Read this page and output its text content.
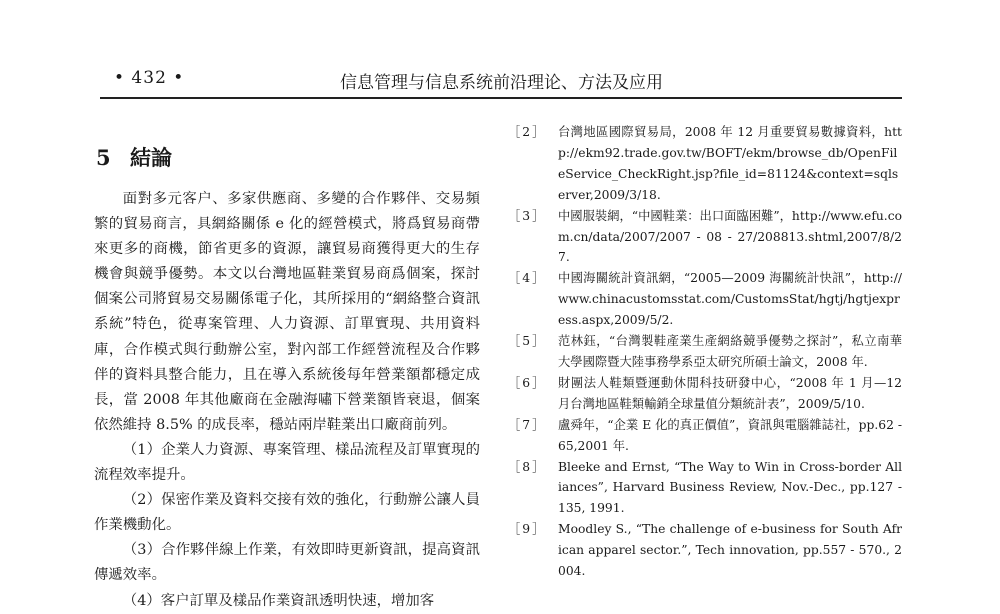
• 432 •	信息管理与信息系统前沿理论、方法及应用
5 結論

面對多元客户、多家供應商、多變的合作夥伴、交易頻繁的貿易商言，具網絡關係 e 化的經營模式，將爲貿易商帶來更多的商機，節省更多的資源，讓貿易商獲得更大的生存機會與競爭優勢。本文以台灣地區鞋業貿易商爲個案，探討個案公司將貿易交易關係電子化，其所採用的“網絡整合資訊系統”特色，從專案管理、人力資源、訂單實現、共用資料庫，合作模式與行動辦公室，對內部工作經營流程及合作夥伴的資料具整合能力，且在導入系統後每年營業額都穩定成長，當 2008 年其他廠商在金融海嘯下營業額皆衰退，個案依然維持 8.5% 的成長率，穩站兩岸鞋業出口廠商前列。

（1）企業人力資源、專案管理、樣品流程及訂單實現的流程效率提升。

（2）保密作業及資料交接有效的強化，行動辦公讓人員作業機動化。

（3）合作夥伴線上作業，有效即時更新資訊，提高資訊傳遞效率。

（4）客户訂單及樣品作業資訊透明快速，增加客

［2］ 台灣地區國際貿易局，2008 年 12 月重要貿易數據資料，http://ekm92.trade.gov.tw/BOFT/ekm/browse_db/OpenFileService_CheckRight.jsp?file_id=81124&context=sqlserver,2009/3/18.
［3］ 中國服裝網，“中國鞋業：出口面臨困難”，http://www.efu.com.cn/data/2007/2007 - 08 - 27/208813.shtml,2007/8/27.
［4］ 中國海關統計資訊網，“2005—2009 海關統計快訊”，http://www.chinacustomsstat.com/CustomsStat/hgtj/hgtjexpress.aspx,2009/5/2.
［5］ 范林鈺，“台灣製鞋產業生產網絡競爭優勢之探討”，私立南華大學國際暨大陸事務學系亞太研究所碩士論文，2008 年.
［6］ 財團法人鞋類暨運動休閒科技研發中心，“2008 年 1 月—12 月台灣地區鞋類輸銷全球量值分類統計表”，2009/5/10.
［7］ 盧舜年，“企業 E 化的真正價值”，資訊與電腦雜誌社，pp.62 - 65,2001 年.
［8］ Bleeke and Ernst, “The Way to Win in Cross-border Alliances”, Harvard Business Review, Nov.-Dec., pp.127 - 135, 1991.
［9］ Moodley S., “The challenge of e-business for South African apparel sector.”, Tech innovation, pp.557 - 570., 2004.
